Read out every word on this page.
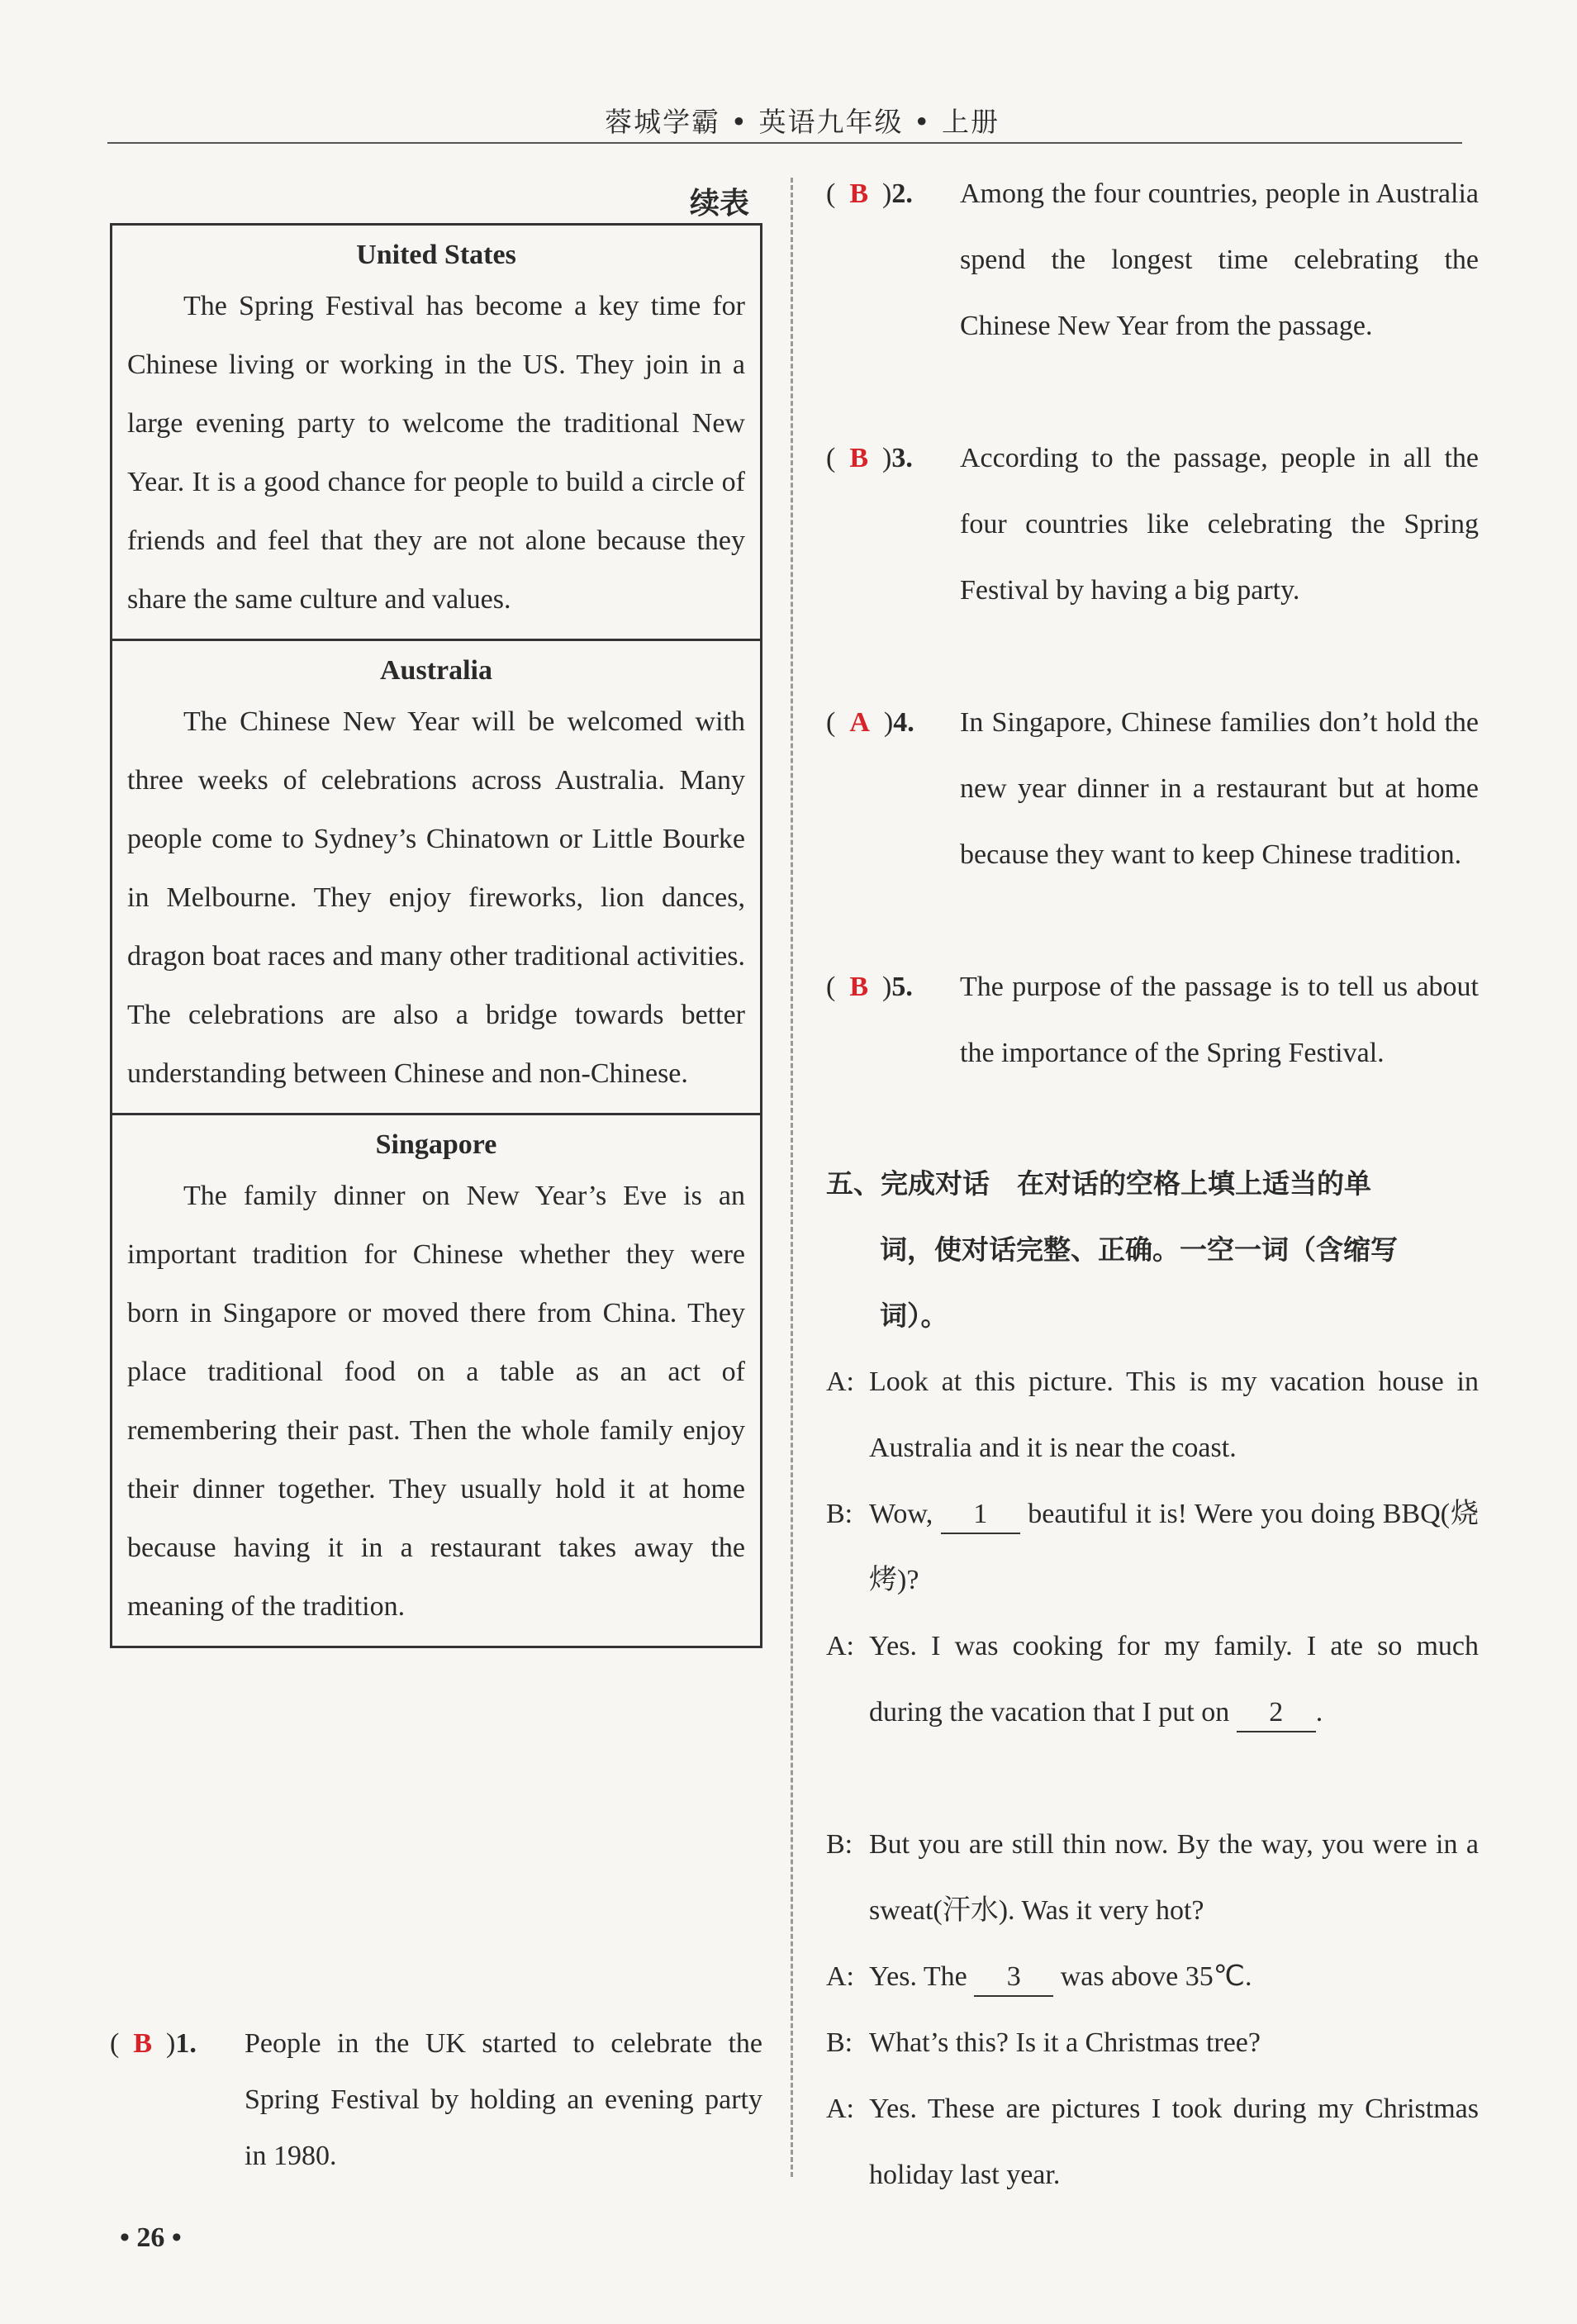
蓉城学霸 • 英语九年级 • 上册
续表
United States

The Spring Festival has become a key time for Chinese living or working in the US. They join in a large evening party to welcome the traditional New Year. It is a good chance for people to build a circle of friends and feel that they are not alone because they share the same culture and values.

Australia

The Chinese New Year will be welcomed with three weeks of celebrations across Australia. Many people come to Sydney’s Chinatown or Little Bourke in Melbourne. They enjoy fireworks, lion dances, dragon boat races and many other traditional activities. The celebrations are also a bridge towards better understanding between Chinese and non-Chinese.

Singapore

The family dinner on New Year’s Eve is an important tradition for Chinese whether they were born in Singapore or moved there from China. They place traditional food on a table as an act of remembering their past. Then the whole family enjoy their dinner together. They usually hold it at home because having it in a restaurant takes away the meaning of the tradition.

(  B  )1. People in the UK started to celebrate the Spring Festival by holding an evening party in 1980.
(  B  )2. Among the four countries, people in Australia spend the longest time celebrating the Chinese New Year from the passage.
(  B  )3. According to the passage, people in all the four countries like celebrating the Spring Festival by having a big party.
(  A  )4. In Singapore, Chinese families don’t hold the new year dinner in a restaurant but at home because they want to keep Chinese tradition.
(  B  )5. The purpose of the passage is to tell us about the importance of the Spring Festival.
五、完成对话　在对话的空格上填上适当的单
词，使对话完整、正确。一空一词（含缩写
词）。
A: Look at this picture. This is my vacation house in Australia and it is near the coast.
B: Wow, 1 beautiful it is! Were you doing BBQ(烧烤)?
A: Yes. I was cooking for my family. I ate so much during the vacation that I put on 2 .
B: But you are still thin now. By the way, you were in a sweat(汗水). Was it very hot?
A: Yes. The 3 was above 35℃.
B: What’s this? Is it a Christmas tree?
A: Yes. These are pictures I took during my Christmas holiday last year.
• 26 •
